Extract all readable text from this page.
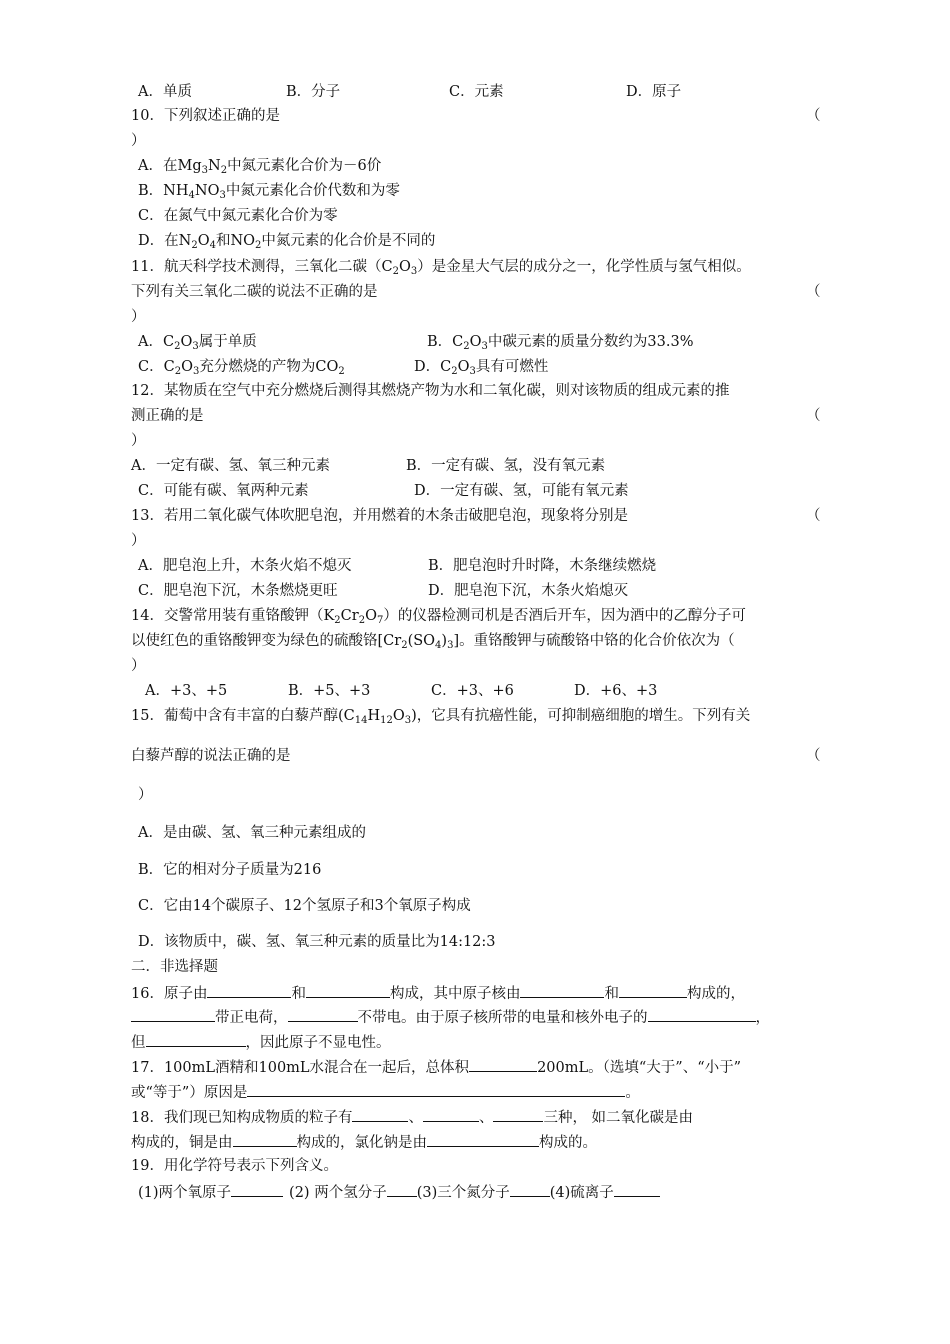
A．单质	B．分子	C．元素	D．原子
10．下列叙述正确的是	（
）
A．在$Mg_3N_2$中氮元素化合价为－6价
B．$NH_4NO_3$中氮元素化合价代数和为零
C．在氮气中氮元素化合价为零
D．在$N_2O_4$和$NO_2$中氮元素的化合价是不同的
11．航天科学技术测得，三氧化二碳$(C_2O_3)$是金星大气层的成分之一，化学性质与氢气相似。
下列有关三氧化二碳的说法不正确的是	（
）
A．$C_2O_3$属于单质	B．$C_2O_3$中碳元素的质量分数约为33.3%
C．$C_2O_3$充分燃烧的产物为$CO_2$	D．$C_2O_3$具有可燃性
12．某物质在空气中充分燃烧后测得其燃烧产物为水和二氧化碳，则对该物质的组成元素的推
测正确的是	（
）
A．一定有碳、氢、氧三种元素	B．一定有碳、氢，没有氧元素
C．可能有碳、氧两种元素	D．一定有碳、氢，可能有氧元素
13．若用二氧化碳气体吹肥皂泡，并用燃着的木条击破肥皂泡，现象将分别是	（
）
A．肥皂泡上升，木条火焰不熄灭	B．肥皂泡时升时降，木条继续燃烧
C．肥皂泡下沉，木条燃烧更旺	D．肥皂泡下沉，木条火焰熄灭
14．交警常用装有重铬酸钾$(K_2Cr_2O_7)$的仪器检测司机是否酒后开车，因为酒中的乙醇分子可
以使红色的重铬酸钾变为绿色的硫酸铬$[Cr_2(SO_4)_3]$。重铬酸钾与硫酸铬中铬的化合价依次为（
）
A．+3、+5	B．+5、+3	C．+3、+6	D．+6、+3
15．葡萄中含有丰富的白藜芦醇$(C_{14}H_{12}O_3)$，它具有抗癌性能，可抑制癌细胞的增生。下列有关
白藜芦醇的说法正确的是	（
）
A．是由碳、氢、氧三种元素组成的
B．它的相对分子质量为216
C．它由14个碳原子、12个氢原子和3个氧原子构成
D．该物质中，碳、氢、氧三种元素的质量比为14:12:3
二．非选择题
16．原子由	和	构成，其中原子核由	和	构成的，
带正电荷，	不带电。由于原子核所带的电量和核外电子的	，
但	，因此原子不显电性。
17．100mL酒精和100mL水混合在一起后，总体积	200mL。（选填“大于”、“小于”
或“等于”）原因是	。
18．我们现已知构成物质的粒子有	、	、	三种， 如二氧化碳是由
构成的，铜是由	构成的，氯化钠是由	构成的。
19．用化学符号表示下列含义。
(1)两个氧原子	(2) 两个氢分子 (3)三个氮分子	(4)硫离子
